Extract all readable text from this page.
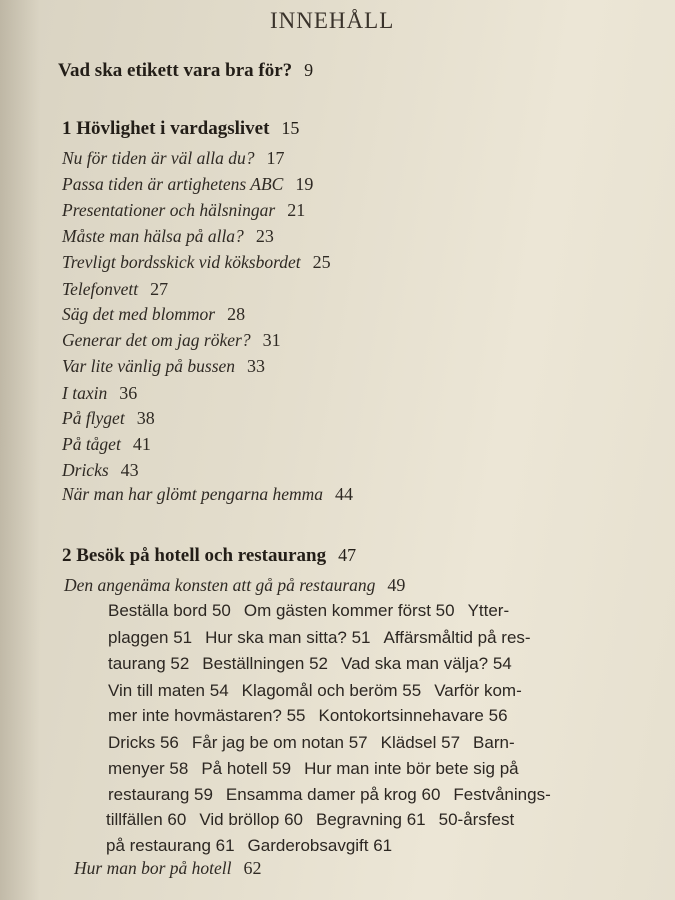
INNEHÅLL
Vad ska etikett vara bra för? 9
1 Hövlighet i vardagslivet 15
Nu för tiden är väl alla du? 17
Passa tiden är artighetens ABC 19
Presentationer och hälsningar 21
Måste man hälsa på alla? 23
Trevligt bordsskick vid köksbordet 25
Telefonvett 27
Säg det med blommor 28
Generar det om jag röker? 31
Var lite vänlig på bussen 33
I taxin 36
På flyget 38
På tåget 41
Dricks 43
När man har glömt pengarna hemma 44
2 Besök på hotell och restaurang 47
Den angenäma konsten att gå på restaurang 49
Beställa bord 50 Om gästen kommer först 50 Ytter-
plaggen 51 Hur ska man sitta? 51 Affärsmåltid på res-
taurang 52 Beställningen 52 Vad ska man välja? 54
Vin till maten 54 Klagomål och beröm 55 Varför kom-
mer inte hovmästaren? 55 Kontokortsinnehavare 56
Dricks 56 Får jag be om notan 57 Klädsel 57 Barn-
menyer 58 På hotell 59 Hur man inte bör bete sig på
restaurang 59 Ensamma damer på krog 60 Festvånings-
tillfällen 60 Vid bröllop 60 Begravning 61 50-årsfest
på restaurang 61 Garderobsavgift 61
Hur man bor på hotell 62
